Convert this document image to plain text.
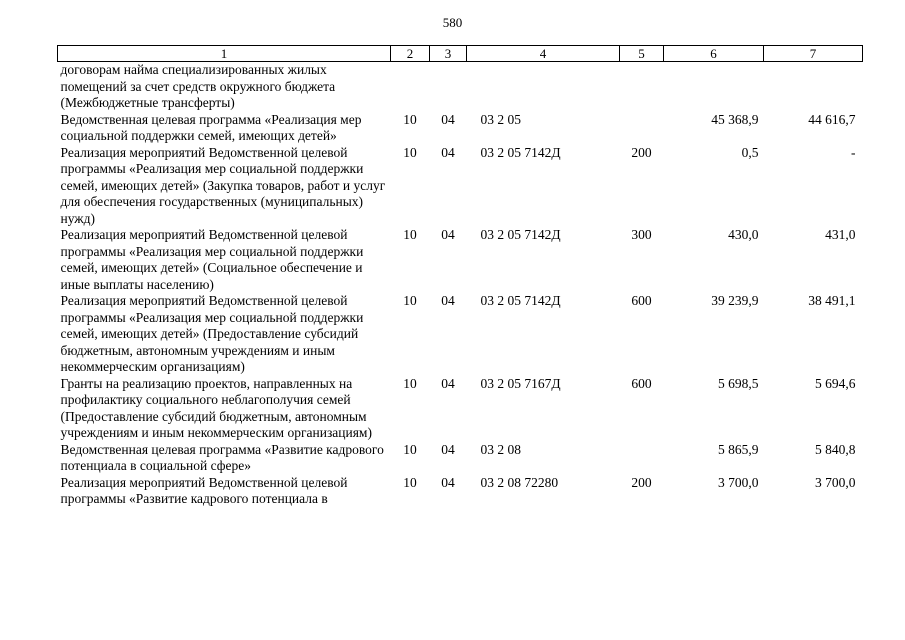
580
1	2	3	4	5	6	7
договорам найма специализированных жилых помещений за счет средств окружного бюджета (Межбюджетные трансферты)						
Ведомственная целевая программа «Реализация мер социальной поддержки семей, имеющих детей»	10	04	03 2 05		45 368,9	44 616,7
Реализация мероприятий Ведомственной целевой программы «Реализация мер социальной поддержки семей, имеющих детей» (Закупка товаров, работ и услуг для обеспечения государственных (муниципальных) нужд)	10	04	03 2 05 7142Д	200	0,5	-
Реализация мероприятий Ведомственной целевой программы «Реализация мер социальной поддержки семей, имеющих детей» (Социальное обеспечение и иные выплаты населению)	10	04	03 2 05 7142Д	300	430,0	431,0
Реализация мероприятий Ведомственной целевой программы «Реализация мер социальной поддержки семей, имеющих детей» (Предоставление субсидий бюджетным, автономным учреждениям и иным некоммерческим организациям)	10	04	03 2 05 7142Д	600	39 239,9	38 491,1
Гранты на реализацию проектов, направленных на профилактику социального неблагополучия семей (Предоставление субсидий бюджетным, автономным учреждениям и иным некоммерческим организациям)	10	04	03 2 05 7167Д	600	5 698,5	5 694,6
Ведомственная целевая программа «Развитие кадрового потенциала в социальной сфере»	10	04	03 2 08		5 865,9	5 840,8
Реализация мероприятий Ведомственной целевой программы «Развитие кадрового потенциала в	10	04	03 2 08 72280	200	3 700,0	3 700,0
